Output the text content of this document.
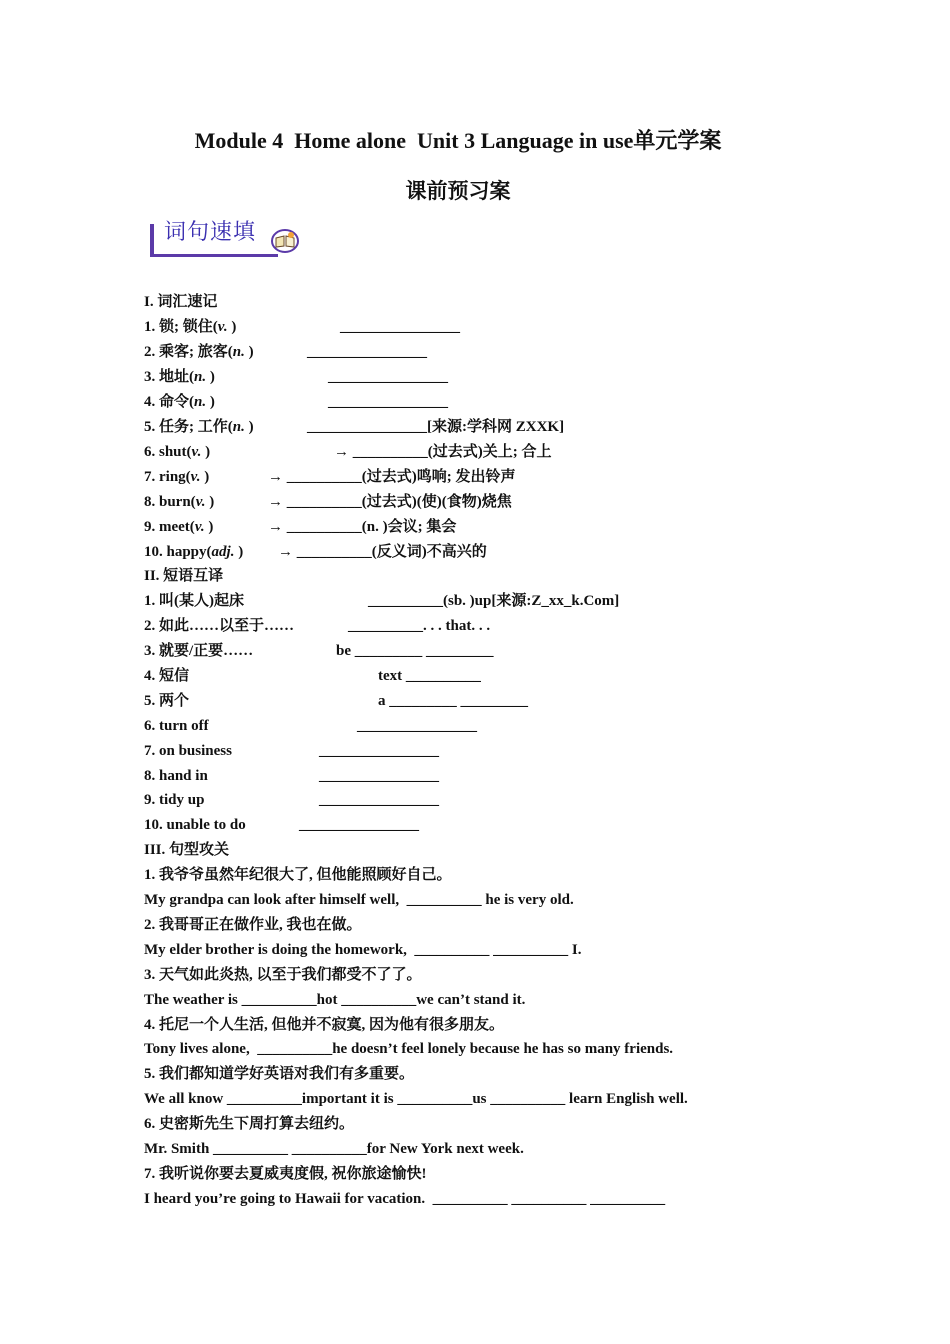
Module 4  Home alone  Unit 3 Language in use单元学案
课前预习案
词句速填
I. 词汇速记
1. 锁; 锁住(v. )	________________
2. 乘客; 旅客(n. )	________________
3. 地址(n. )	________________
4. 命令(n. )	________________
5. 任务; 工作(n. )	________________[来源:学科网 ZXXK]
6. shut(v. )	→ __________(过去式)关上; 合上
7. ring(v. )	→ __________(过去式)鸣响; 发出铃声
8. burn(v. )	→ __________(过去式)(使)(食物)烧焦
9. meet(v. )	→ __________(n. )会议; 集会
10. happy(adj. ) → __________(反义词)不高兴的
II. 短语互译
1. 叫(某人)起床	__________(sb. )up[来源:Z_xx_k.Com]
2. 如此……以至于……	__________. . . that. . .
3. 就要/正要……	be _________ _________
4. 短信	text __________
5. 两个	a _________ _________
6. turn off	________________
7. on business	________________
8. hand in	________________
9. tidy up	________________
10. unable to do	________________
III. 句型攻关
1. 我爷爷虽然年纪很大了, 但他能照顾好自己。
My grandpa can look after himself well,  __________ he is very old.
2. 我哥哥正在做作业, 我也在做。
My elder brother is doing the homework,  __________ __________ I.
3. 天气如此炎热, 以至于我们都受不了了。
The weather is __________hot __________we can’t stand it.
4. 托尼一个人生活, 但他并不寂寞, 因为他有很多朋友。
Tony lives alone,  __________he doesn’t feel lonely because he has so many friends.
5. 我们都知道学好英语对我们有多重要。
We all know __________important it is __________us __________ learn English well.
6. 史密斯先生下周打算去纽约。
Mr. Smith __________ __________for New York next week.
7. 我听说你要去夏威夷度假, 祝你旅途愉快!
I heard you’re going to Hawaii for vacation.  __________ __________ __________
